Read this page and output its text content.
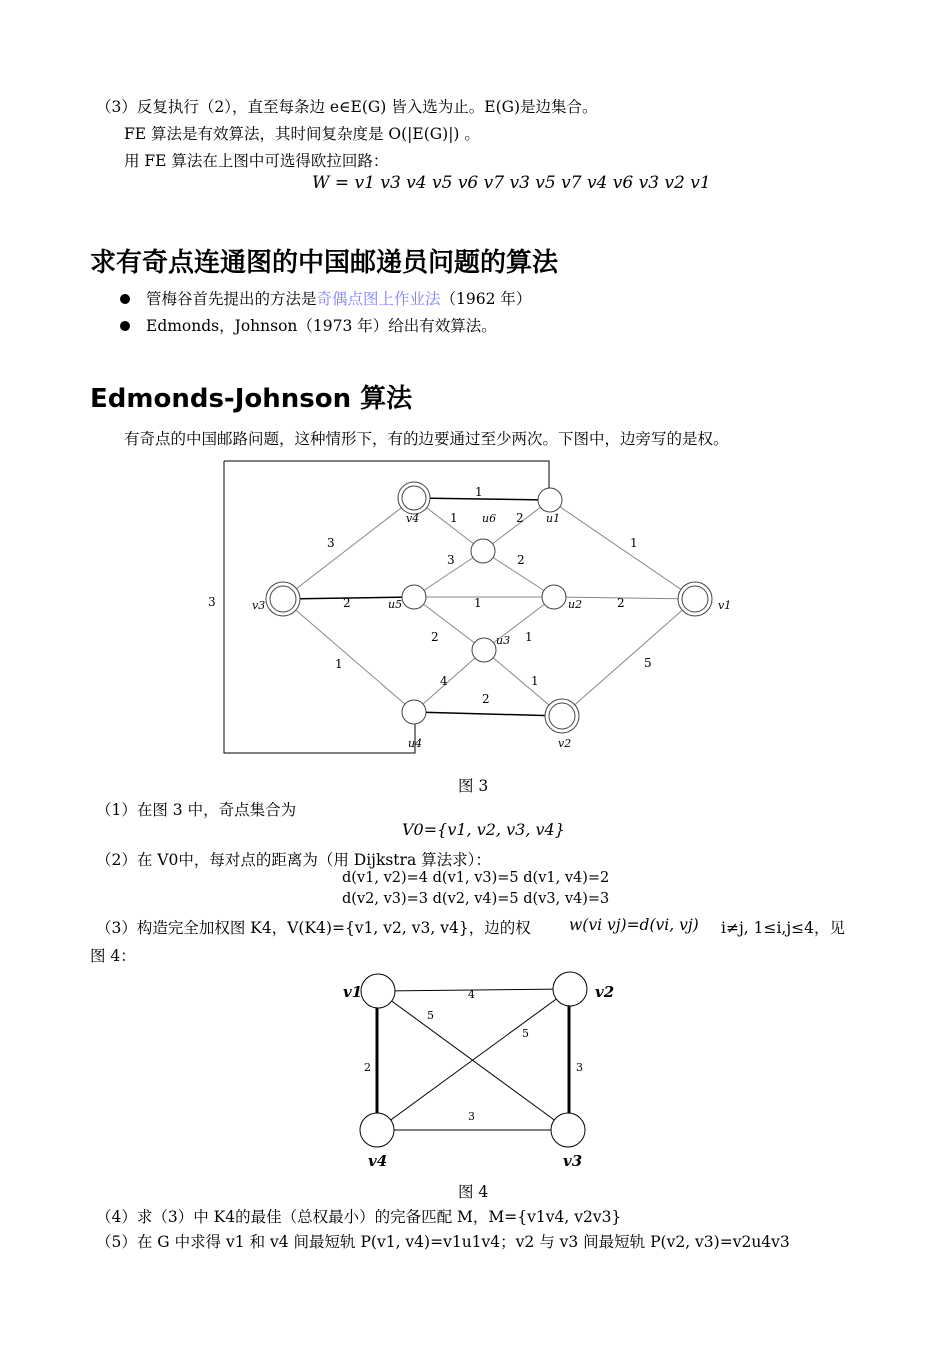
（3）反复执行（2），直至每条边 e∈E(G) 皆入选为止。E(G)是边集合。
FE 算法是有效算法，其时间复杂度是 O(|E(G)|) 。
用 FE 算法在上图中可选得欧拉回路：
W = v1 v3 v4 v5 v6 v7 v3 v5 v7 v4 v6 v3 v2 v1
求有奇点连通图的中国邮递员问题的算法
管梅谷首先提出的方法是奇偶点图上作业法（1962 年）
Edmonds，Johnson（1973 年）给出有效算法。
Edmonds-Johnson 算法
有奇点的中国邮路问题，这种情形下，有的边要通过至少两次。下图中，边旁写的是权。
v4	u6	u1
v3	u5	u2	v1
u3
u4	v2
1
1	2
3	1
3	2
3	2	1	2
2	1
1	5
4	1
2
图 3
（1）在图 3 中，奇点集合为
V0={v1, v2, v3, v4}
（2）在 V0中，每对点的距离为（用 Dijkstra 算法求）：
d(v1, v2)=4 d(v1, v3)=5 d(v1, v4)=2
d(v2, v3)=3 d(v2, v4)=5 d(v3, v4)=3
（3）构造完全加权图 K4，V(K4)={v1, v2, v3, v4}，边的权 w(vi vj)=d(vi, vj) i≠j, 1≤i,j≤4，见
图 4：
v1	v2
v4	v3
4
5
5
2	3
3
图 4
（4）求（3）中 K4的最佳（总权最小）的完备匹配 M，M={v1v4, v2v3}
（5）在 G 中求得 v1 和 v4 间最短轨 P(v1, v4)=v1u1v4；v2 与 v3 间最短轨 P(v2, v3)=v2u4v3
